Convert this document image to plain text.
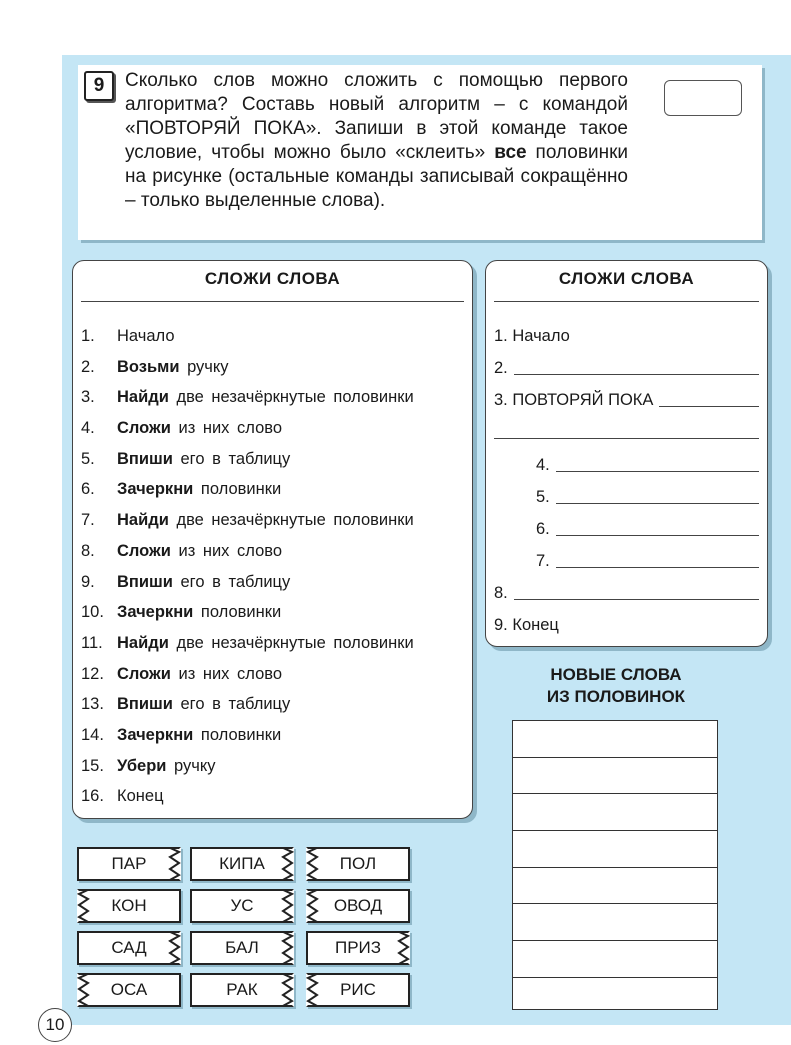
9	Сколько слов можно сложить с помощью первого алгоритма? Составь новый алгоритм – с командой «ПОВТОРЯЙ ПОКА». Запиши в этой команде такое условие, чтобы можно было «склеить» все половинки на рисунке (остальные команды записывай сокращённо – только выделенные слова).

СЛОЖИ СЛОВА
1. Начало
2. Возьми ручку
3. Найди две незачёркнутые половинки
4. Сложи из них слово
5. Впиши его в таблицу
6. Зачеркни половинки
7. Найди две незачёркнутые половинки
8. Сложи из них слово
9. Впиши его в таблицу
10. Зачеркни половинки
11. Найди две незачёркнутые половинки
12. Сложи из них слово
13. Впиши его в таблицу
14. Зачеркни половинки
15. Убери ручку
16. Конец
СЛОЖИ СЛОВА
1. Начало
2.
3. ПОВТОРЯЙ ПОКА
4.
5.
6.
7.
8.
9. Конец
НОВЫЕ СЛОВА
ИЗ ПОЛОВИНОК
ПАР	КИПА	ПОЛ
КОН	УС	ОВОД
САД	БАЛ	ПРИЗ
ОСА	РАК	РИС
10
